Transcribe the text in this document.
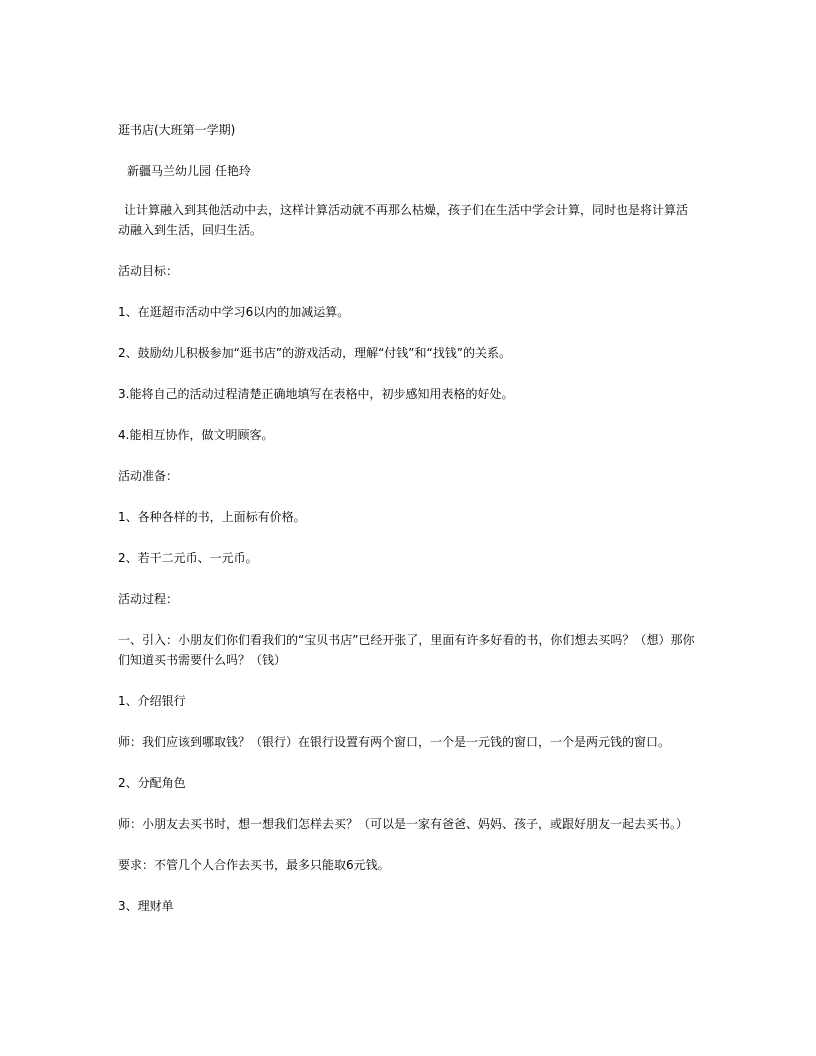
逛书店(大班第一学期)

新疆马兰幼儿园 任艳玲

让计算融入到其他活动中去，这样计算活动就不再那么枯燥，孩子们在生活中学会计算，同时也是将计算活动融入到生活，回归生活。

活动目标：

1、在逛超市活动中学习6以内的加减运算。

2、鼓励幼儿积极参加“逛书店”的游戏活动，理解“付钱”和“找钱”的关系。

3.能将自己的活动过程清楚正确地填写在表格中，初步感知用表格的好处。

4.能相互协作，做文明顾客。

活动准备：

1、各种各样的书，上面标有价格。

2、若干二元币、一元币。

活动过程：

一、引入：小朋友们你们看我们的“宝贝书店”已经开张了，里面有许多好看的书，你们想去买吗？（想）那你们知道买书需要什么吗？（钱）

1、介绍银行

师：我们应该到哪取钱？（银行）在银行设置有两个窗口，一个是一元钱的窗口，一个是两元钱的窗口。

2、分配角色

师：小朋友去买书时，想一想我们怎样去买？（可以是一家有爸爸、妈妈、孩子，或跟好朋友一起去买书。）

要求：不管几个人合作去买书，最多只能取6元钱。

3、理财单
